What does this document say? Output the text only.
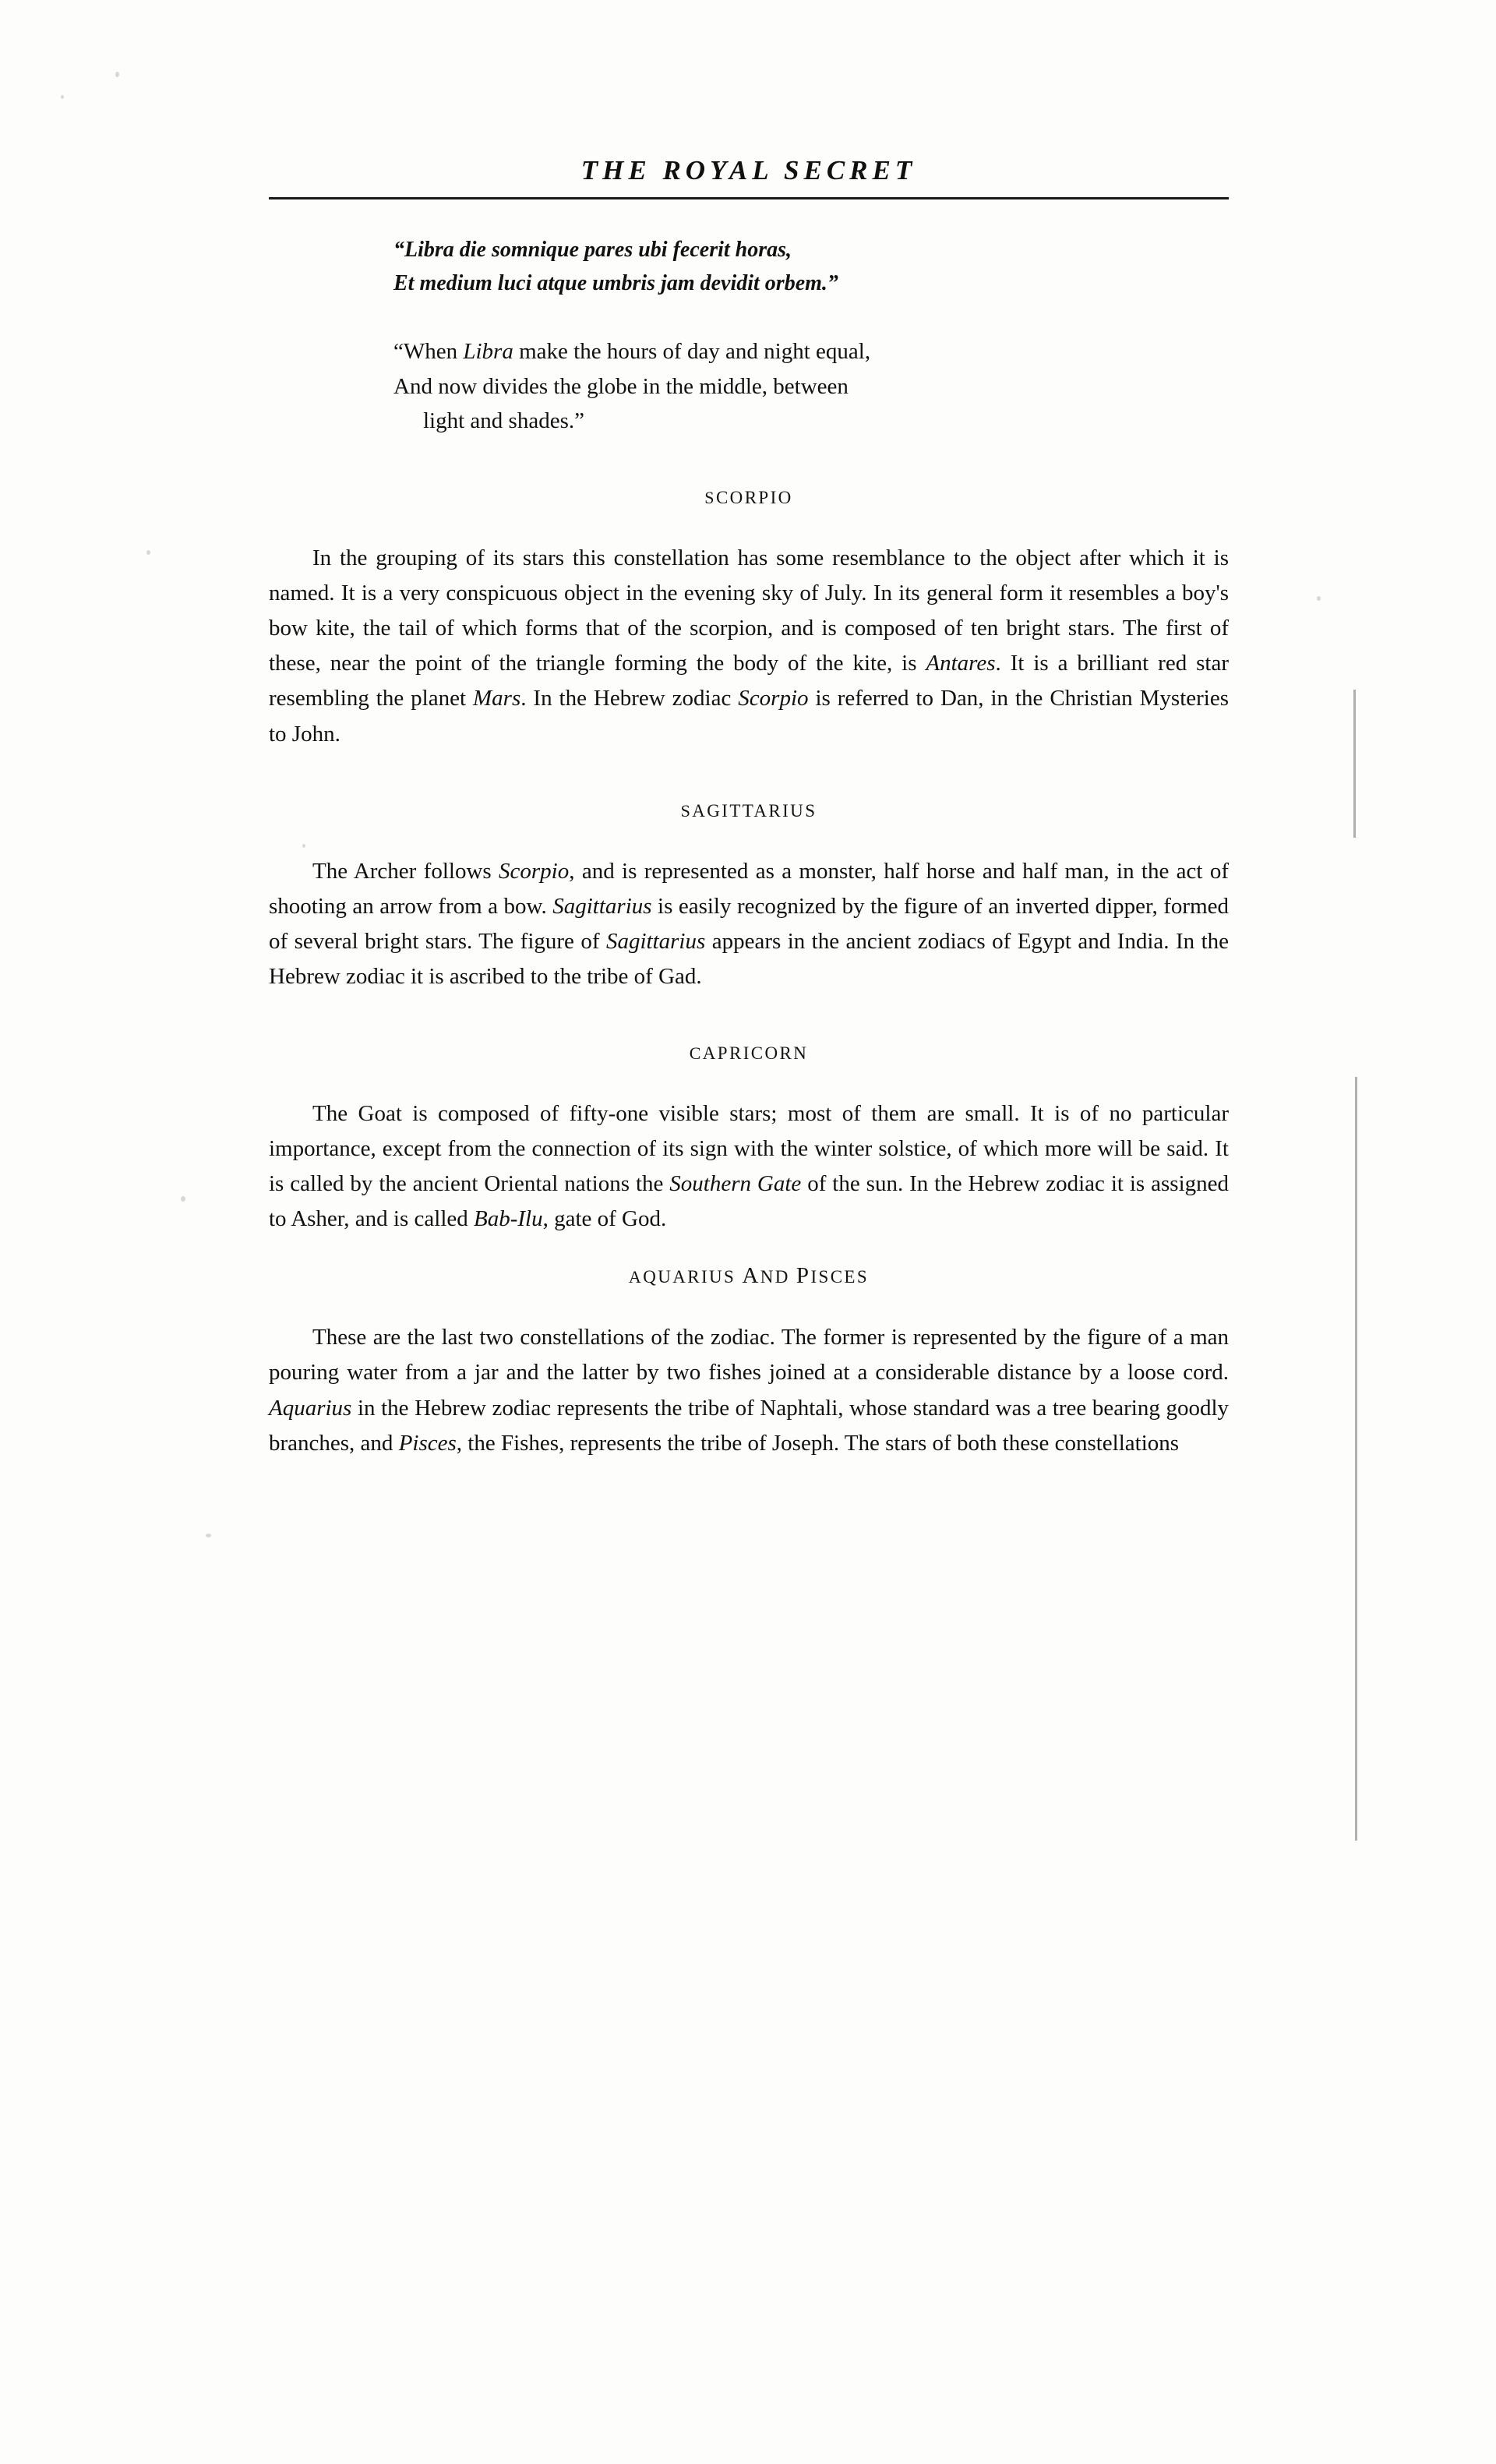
THE ROYAL SECRET
“Libra die somnique pares ubi fecerit horas,
Et medium luci atque umbris jam devidit orbem.”
“When Libra make the hours of day and night equal,
And now divides the globe in the middle, between
light and shades.”
SCORPIO

In the grouping of its stars this constellation has some resemblance to the object after which it is named. It is a very conspicuous object in the evening sky of July. In its general form it resembles a boy's bow kite, the tail of which forms that of the scorpion, and is composed of ten bright stars. The first of these, near the point of the triangle forming the body of the kite, is Antares. It is a brilliant red star resembling the planet Mars. In the Hebrew zodiac Scorpio is referred to Dan, in the Christian Mysteries to John.

SAGITTARIUS

The Archer follows Scorpio, and is represented as a monster, half horse and half man, in the act of shooting an arrow from a bow. Sagittarius is easily recognized by the figure of an inverted dipper, formed of several bright stars. The figure of Sagittarius appears in the ancient zodiacs of Egypt and India. In the Hebrew zodiac it is ascribed to the tribe of Gad.

CAPRICORN

The Goat is composed of fifty-one visible stars; most of them are small. It is of no particular importance, except from the connection of its sign with the winter solstice, of which more will be said. It is called by the ancient Oriental nations the Southern Gate of the sun. In the Hebrew zodiac it is assigned to Asher, and is called Bab-Ilu, gate of God.

AQUARIUS AND PISCES

These are the last two constellations of the zodiac. The former is represented by the figure of a man pouring water from a jar and the latter by two fishes joined at a considerable distance by a loose cord. Aquarius in the Hebrew zodiac represents the tribe of Naphtali, whose standard was a tree bearing goodly branches, and Pisces, the Fishes, represents the tribe of Joseph. The stars of both these constellations
